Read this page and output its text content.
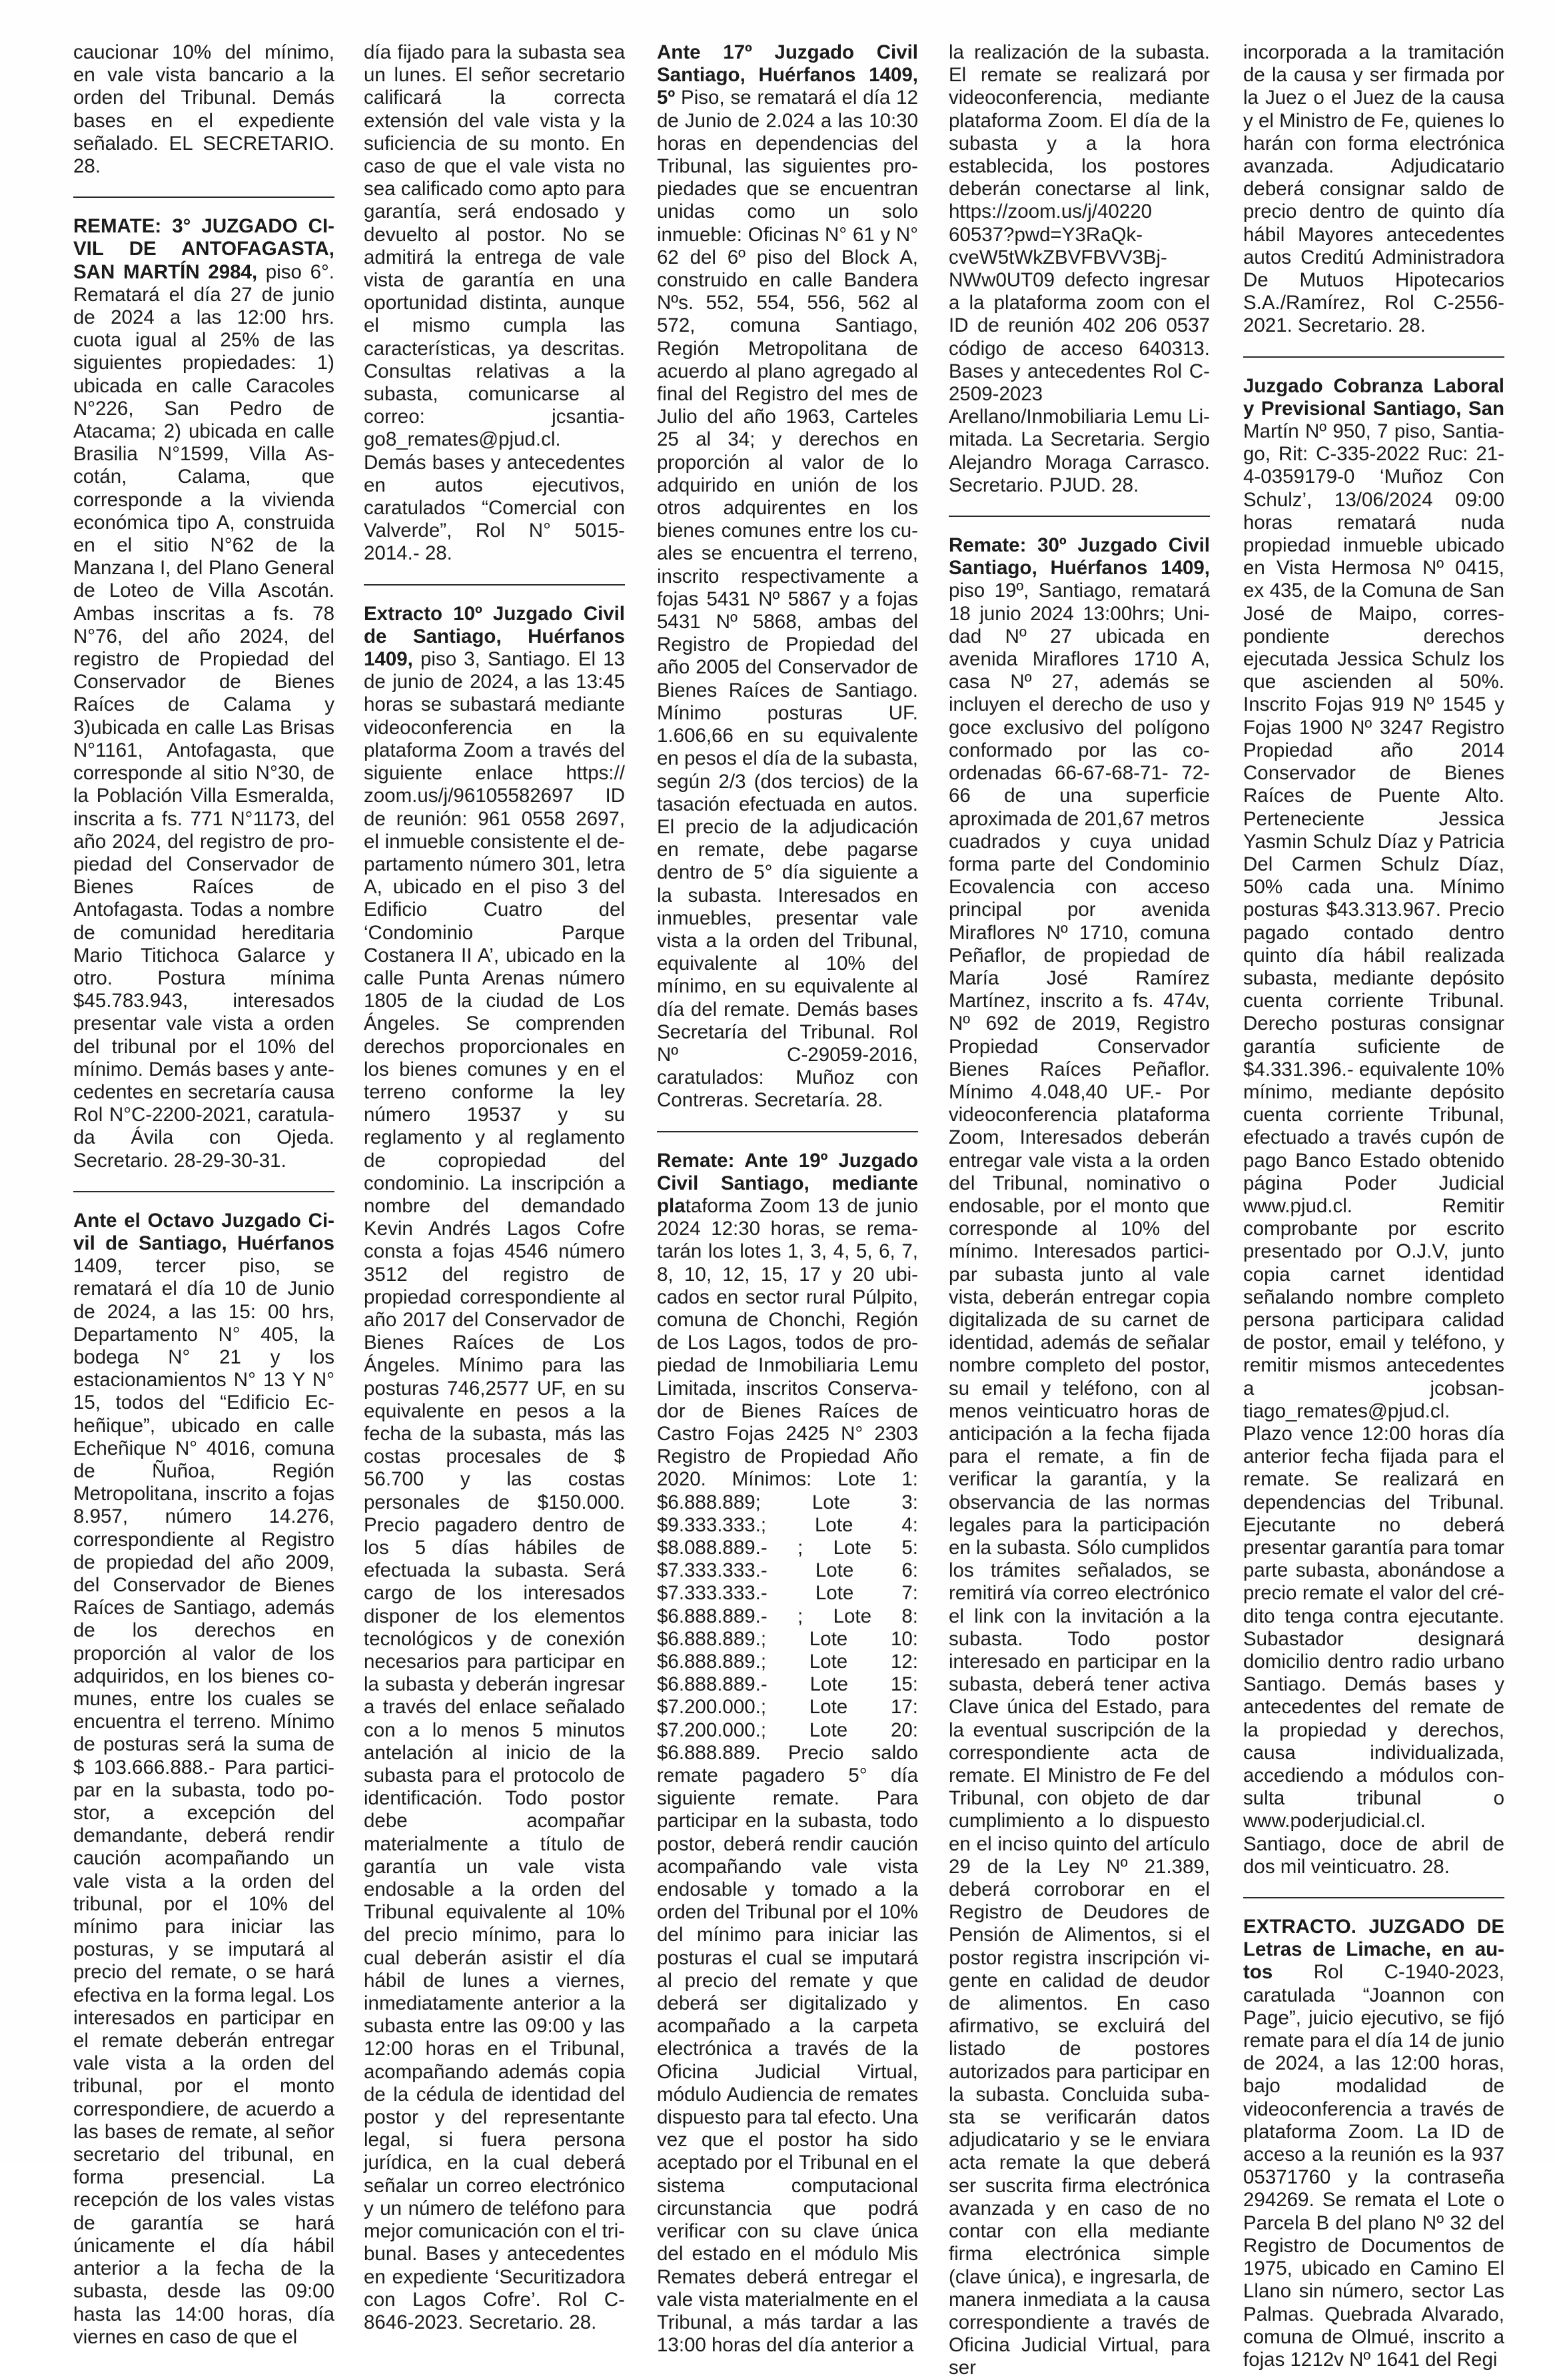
caucionar 10% del mínimo, en vale vista bancario a la orden del Tribunal. Demás bases en el expediente señalado. EL SECRETARIO. 28.

REMATE: 3° JUZGADO CIVIL DE ANTOFAGASTA, SAN MARTÍN 2984, piso 6°. Rematará el día 27 de junio de 2024 a las 12:00 hrs. cuota igual al 25% de las siguientes propiedades: 1) ubicada en calle Caracoles N°226, San Pedro de Atacama; 2) ubicada en calle Brasilia N°1599, Villa Ascotán, Calama, que corresponde a la vivienda económica tipo A, construida en el sitio N°62 de la Manzana I, del Plano General de Loteo de Villa Ascotán. Ambas inscritas a fs. 78 N°76, del año 2024, del registro de Propiedad del Conservador de Bienes Raíces de Calama y 3)ubicada en calle Las Brisas N°1161, Antofagasta, que corresponde al sitio N°30, de la Población Villa Esmeralda, inscrita a fs. 771 N°1173, del año 2024, del registro de propiedad del Conservador de Bienes Raíces de Antofagasta. Todas a nombre de comunidad hereditaria Mario Titichoca Galarce y otro. Postura mínima $45.783.943, interesados presentar vale vista a orden del tribunal por el 10% del mínimo. Demás bases y antecedentes en secretaría causa Rol N°C-2200-2021, caratulada Ávila con Ojeda. Secretario. 28-29-30-31.

Ante el Octavo Juzgado Civil de Santiago, Huérfanos 1409, tercer piso, se rematará el día 10 de Junio de 2024, a las 15: 00 hrs, Departamento N° 405, la bodega N° 21 y los estacionamientos N° 13 Y N° 15, todos del “Edificio Echeñique”, ubicado en calle Echeñique N° 4016, comuna de Ñuñoa, Región Metropolitana, inscrito a fojas 8.957, número 14.276, correspondiente al Registro de propiedad del año 2009, del Conservador de Bienes Raíces de Santiago, además de los derechos en proporción al valor de los adquiridos, en los bienes comunes, entre los cuales se encuentra el terreno. Mínimo de posturas será la suma de $ 103.666.888.- Para participar en la subasta, todo postor, a excepción del demandante, deberá rendir caución acompañando un vale vista a la orden del tribunal, por el 10% del mínimo para iniciar las posturas, y se imputará al precio del remate, o se hará efectiva en la forma legal. Los interesados en participar en el remate deberán entregar vale vista a la orden del tribunal, por el monto correspondiere, de acuerdo a las bases de remate, al señor secretario del tribunal, en forma presencial. La recepción de los vales vistas de garantía se hará únicamente el día hábil anterior a la fecha de la subasta, desde las 09:00 hasta las 14:00 horas, día viernes en caso de que el

día fijado para la subasta sea un lunes. El señor secretario calificará la correcta extensión del vale vista y la suficiencia de su monto. En caso de que el vale vista no sea calificado como apto para garantía, será endosado y devuelto al postor. No se admitirá la entrega de vale vista de garantía en una oportunidad distinta, aunque el mismo cumpla las características, ya descritas. Consultas relativas a la subasta, comunicarse al correo: jcsantiago8_remates@pjud.cl. Demás bases y antecedentes en autos ejecutivos, caratulados “Comercial con Valverde”, Rol N° 5015-2014.- 28.

Extracto 10º Juzgado Civil de Santiago, Huérfanos 1409, piso 3, Santiago. El 13 de junio de 2024, a las 13:45 horas se subastará mediante videoconferencia en la plataforma Zoom a través del siguiente enlace https:// zoom.us/j/96105582697 ID de reunión: 961 0558 2697, el inmueble consistente el departamento número 301, letra A, ubicado en el piso 3 del Edificio Cuatro del ‘Condominio Parque Costanera II A’, ubicado en la calle Punta Arenas número 1805 de la ciudad de Los Ángeles. Se comprenden derechos proporcionales en los bienes comunes y en el terreno conforme la ley número 19537 y su reglamento y al reglamento de copropiedad del condominio. La inscripción a nombre del demandado Kevin Andrés Lagos Cofre consta a fojas 4546 número 3512 del registro de propiedad correspondiente al año 2017 del Conservador de Bienes Raíces de Los Ángeles. Mínimo para las posturas 746,2577 UF, en su equivalente en pesos a la fecha de la subasta, más las costas procesales de $ 56.700 y las costas personales de $150.000. Precio pagadero dentro de los 5 días hábiles de efectuada la subasta. Será cargo de los interesados disponer de los elementos tecnológicos y de conexión necesarios para participar en la subasta y deberán ingresar a través del enlace señalado con a lo menos 5 minutos antelación al inicio de la subasta para el protocolo de identificación. Todo postor debe acompañar materialmente a título de garantía un vale vista endosable a la orden del Tribunal equivalente al 10% del precio mínimo, para lo cual deberán asistir el día hábil de lunes a viernes, inmediatamente anterior a la subasta entre las 09:00 y las 12:00 horas en el Tribunal, acompañando además copia de la cédula de identidad del postor y del representante legal, si fuera persona jurídica, en la cual deberá señalar un correo electrónico y un número de teléfono para mejor comunicación con el tribunal. Bases y antecedentes en expediente ‘Securitizadora con Lagos Cofre’. Rol C-8646-2023. Secretario. 28.

Ante 17º Juzgado Civil Santiago, Huérfanos 1409, 5º Piso, se rematará el día 12 de Junio de 2.024 a las 10:30 horas en dependencias del Tribunal, las siguientes propiedades que se encuentran unidas como un solo inmueble: Oficinas N° 61 y N° 62 del 6º piso del Block A, construido en calle Bandera Nºs. 552, 554, 556, 562 al 572, comuna Santiago, Región Metropolitana de acuerdo al plano agregado al final del Registro del mes de Julio del año 1963, Carteles 25 al 34; y derechos en proporción al valor de lo adquirido en unión de los otros adquirentes en los bienes comunes entre los cuales se encuentra el terreno, inscrito respectivamente a fojas 5431 Nº 5867 y a fojas 5431 Nº 5868, ambas del Registro de Propiedad del año 2005 del Conservador de Bienes Raíces de Santiago. Mínimo posturas UF. 1.606,66 en su equivalente en pesos el día de la subasta, según 2/3 (dos tercios) de la tasación efectuada en autos. El precio de la adjudicación en remate, debe pagarse dentro de 5° día siguiente a la subasta. Interesados en inmuebles, presentar vale vista a la orden del Tribunal, equivalente al 10% del mínimo, en su equivalente al día del remate. Demás bases Secretaría del Tribunal. Rol Nº C-29059-2016, caratulados: Muñoz con Contreras. Secretaría. 28.

Remate: Ante 19º Juzgado Civil Santiago, mediante plataforma Zoom 13 de junio 2024 12:30 horas, se rematarán los lotes 1, 3, 4, 5, 6, 7, 8, 10, 12, 15, 17 y 20 ubicados en sector rural Púlpito, comuna de Chonchi, Región de Los Lagos, todos de propiedad de Inmobiliaria Lemu Limitada, inscritos Conservador de Bienes Raíces de Castro Fojas 2425 N° 2303 Registro de Propiedad Año 2020. Mínimos: Lote 1: $6.888.889; Lote 3: $9.333.333.; Lote 4: $8.088.889.- ; Lote 5: $7.333.333.- Lote 6: $7.333.333.- Lote 7: $6.888.889.- ; Lote 8: $6.888.889.; Lote 10: $6.888.889.; Lote 12: $6.888.889.- Lote 15: $7.200.000.; Lote 17: $7.200.000.; Lote 20: $6.888.889. Precio saldo remate pagadero 5° día siguiente remate. Para participar en la subasta, todo postor, deberá rendir caución acompañando vale vista endosable y tomado a la orden del Tribunal por el 10% del mínimo para iniciar las posturas el cual se imputará al precio del remate y que deberá ser digitalizado y acompañado a la carpeta electrónica a través de la Oficina Judicial Virtual, módulo Audiencia de remates dispuesto para tal efecto. Una vez que el postor ha sido aceptado por el Tribunal en el sistema computacional circunstancia que podrá verificar con su clave única del estado en el módulo Mis Remates deberá entregar el vale vista materialmente en el Tribunal, a más tardar a las 13:00 horas del día anterior a

la realización de la subasta. El remate se realizará por videoconferencia, mediante plataforma Zoom. El día de la subasta y a la hora establecida, los postores deberán conectarse al link, https://zoom.us/j/40220 60537?pwd=Y3RaQkcveW5tWkZBVFBVV3BjNWw0UT09 defecto ingresar a la plataforma zoom con el ID de reunión 402 206 0537 código de acceso 640313. Bases y antecedentes Rol C-2509-2023 Arellano/Inmobiliaria Lemu Limitada. La Secretaria. Sergio Alejandro Moraga Carrasco. Secretario. PJUD. 28.

Remate: 30º Juzgado Civil Santiago, Huérfanos 1409, piso 19º, Santiago, rematará 18 junio 2024 13:00hrs; Unidad Nº 27 ubicada en avenida Miraflores 1710 A, casa Nº 27, además se incluyen el derecho de uso y goce exclusivo del polígono conformado por las coordenadas 66-67-68-71- 72-66 de una superficie aproximada de 201,67 metros cuadrados y cuya unidad forma parte del Condominio Ecovalencia con acceso principal por avenida Miraflores Nº 1710, comuna Peñaflor, de propiedad de María José Ramírez Martínez, inscrito a fs. 474v, Nº 692 de 2019, Registro Propiedad Conservador Bienes Raíces Peñaflor. Mínimo 4.048,40 UF.- Por videoconferencia plataforma Zoom, Interesados deberán entregar vale vista a la orden del Tribunal, nominativo o endosable, por el monto que corresponde al 10% del mínimo. Interesados participar subasta junto al vale vista, deberán entregar copia digitalizada de su carnet de identidad, además de señalar nombre completo del postor, su email y teléfono, con al menos veinticuatro horas de anticipación a la fecha fijada para el remate, a fin de verificar la garantía, y la observancia de las normas legales para la participación en la subasta. Sólo cumplidos los trámites señalados, se remitirá vía correo electrónico el link con la invitación a la subasta. Todo postor interesado en participar en la subasta, deberá tener activa Clave única del Estado, para la eventual suscripción de la correspondiente acta de remate. El Ministro de Fe del Tribunal, con objeto de dar cumplimiento a lo dispuesto en el inciso quinto del artículo 29 de la Ley Nº 21.389, deberá corroborar en el Registro de Deudores de Pensión de Alimentos, si el postor registra inscripción vigente en calidad de deudor de alimentos. En caso afirmativo, se excluirá del listado de postores autorizados para participar en la subasta. Concluida subasta se verificarán datos adjudicatario y se le enviara acta remate la que deberá ser suscrita firma electrónica avanzada y en caso de no contar con ella mediante firma electrónica simple (clave única), e ingresarla, de manera inmediata a la causa correspondiente a través de Oficina Judicial Virtual, para ser

incorporada a la tramitación de la causa y ser firmada por la Juez o el Juez de la causa y el Ministro de Fe, quienes lo harán con forma electrónica avanzada. Adjudicatario deberá consignar saldo de precio dentro de quinto día hábil Mayores antecedentes autos Creditú Administradora De Mutuos Hipotecarios S.A./Ramírez, Rol C-2556-2021. Secretario. 28.

Juzgado Cobranza Laboral y Previsional Santiago, San Martín Nº 950, 7 piso, Santiago, Rit: C-335-2022 Ruc: 21-4-0359179-0 ‘Muñoz Con Schulz’, 13/06/2024 09:00 horas rematará nuda propiedad inmueble ubicado en Vista Hermosa Nº 0415, ex 435, de la Comuna de San José de Maipo, correspondiente derechos ejecutada Jessica Schulz los que ascienden al 50%. Inscrito Fojas 919 Nº 1545 y Fojas 1900 Nº 3247 Registro Propiedad año 2014 Conservador de Bienes Raíces de Puente Alto. Perteneciente Jessica Yasmin Schulz Díaz y Patricia Del Carmen Schulz Díaz, 50% cada una. Mínimo posturas $43.313.967. Precio pagado contado dentro quinto día hábil realizada subasta, mediante depósito cuenta corriente Tribunal. Derecho posturas consignar garantía suficiente de $4.331.396.- equivalente 10% mínimo, mediante depósito cuenta corriente Tribunal, efectuado a través cupón de pago Banco Estado obtenido página Poder Judicial www.pjud.cl. Remitir comprobante por escrito presentado por O.J.V, junto copia carnet identidad señalando nombre completo persona participara calidad de postor, email y teléfono, y remitir mismos antecedentes a jcobsantiago_remates@pjud.cl. Plazo vence 12:00 horas día anterior fecha fijada para el remate. Se realizará en dependencias del Tribunal. Ejecutante no deberá presentar garantía para tomar parte subasta, abonándose a precio remate el valor del crédito tenga contra ejecutante. Subastador designará domicilio dentro radio urbano Santiago. Demás bases y antecedentes del remate de la propiedad y derechos, causa individualizada, accediendo a módulos consulta tribunal o www.poderjudicial.cl. Santiago, doce de abril de dos mil veinticuatro. 28.

EXTRACTO. JUZGADO DE Letras de Limache, en autos Rol C-1940-2023, caratulada “Joannon con Page”, juicio ejecutivo, se fijó remate para el día 14 de junio de 2024, a las 12:00 horas, bajo modalidad de videoconferencia a través de plataforma Zoom. La ID de acceso a la reunión es la 937 05371760 y la contraseña 294269. Se remata el Lote o Parcela B del plano Nº 32 del Registro de Documentos de 1975, ubicado en Camino El Llano sin número, sector Las Palmas. Quebrada Alvarado, comuna de Olmué, inscrito a fojas 1212v Nº 1641 del Regi
